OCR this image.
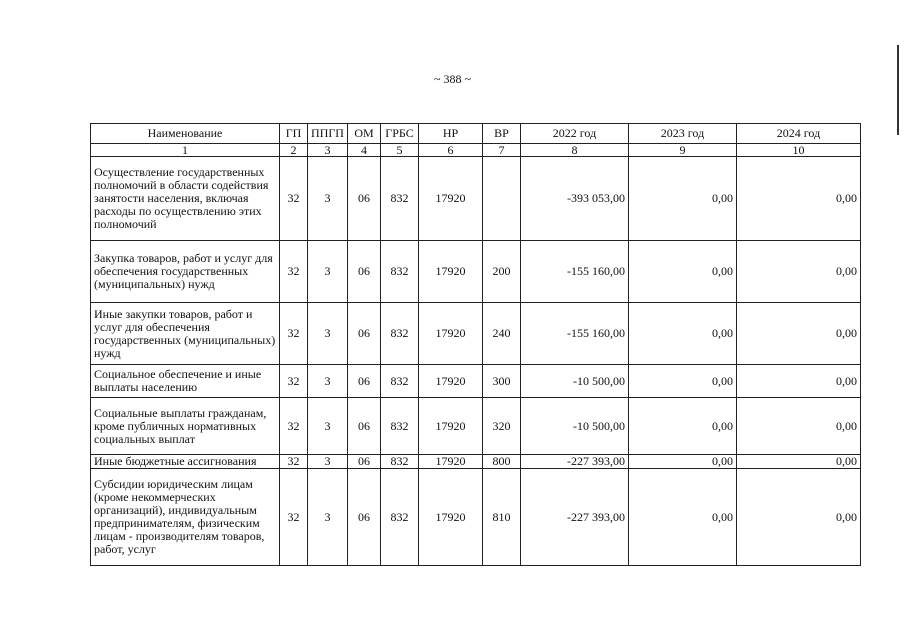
~ 388 ~
Наименование	ГП	ППГП	ОМ	ГРБС	НР	ВР	2022 год	2023 год	2024 год
1	2	3	4	5	6	7	8	9	10
Осуществление государственных полномочий в области содействия занятости населения, включая расходы по осуществлению этих полномочий	32	3	06	832	17920		-393 053,00	0,00	0,00
Закупка товаров, работ и услуг для обеспечения государственных (муниципальных) нужд	32	3	06	832	17920	200	-155 160,00	0,00	0,00
Иные закупки товаров, работ и услуг для обеспечения государственных (муниципальных) нужд	32	3	06	832	17920	240	-155 160,00	0,00	0,00
Социальное обеспечение и иные выплаты населению	32	3	06	832	17920	300	-10 500,00	0,00	0,00
Социальные выплаты гражданам, кроме публичных нормативных социальных выплат	32	3	06	832	17920	320	-10 500,00	0,00	0,00
Иные бюджетные ассигнования	32	3	06	832	17920	800	-227 393,00	0,00	0,00
Субсидии юридическим лицам (кроме некоммерческих организаций), индивидуальным предпринимателям, физическим лицам - производителям товаров, работ, услуг	32	3	06	832	17920	810	-227 393,00	0,00	0,00
